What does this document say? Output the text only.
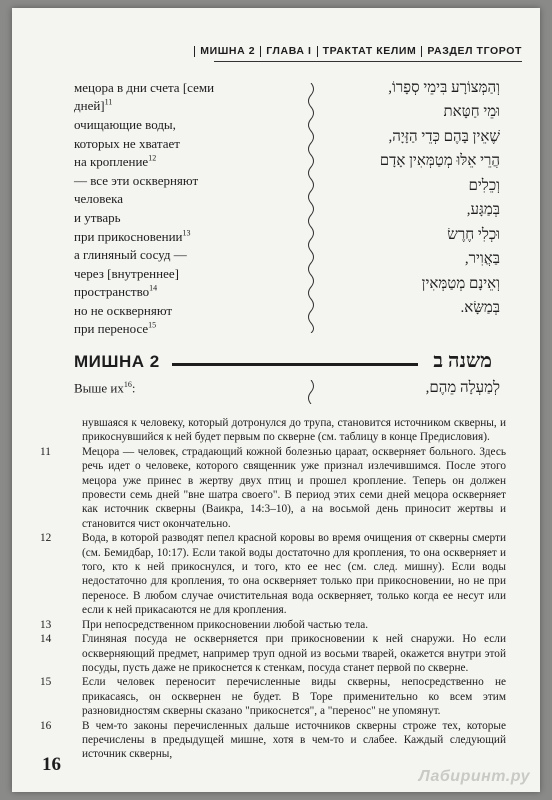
МИШНА 2 ГЛАВА I ТРАКТАТ КЕЛИМ РАЗДЕЛ ТГОРОТ
мецора в дни счета [семи
дней]$^{11}$
очищающие воды,
которых не хватает
на кропление$^{12}$
— все эти оскверняют
человека
и утварь
при прикосновении$^{13}$
а глиняный сосуд —
через [внутреннее]
пространство$^{14}$
но не оскверняют
при переносе$^{15}$
וְהַמְּצוֹרָע בִּימֵי סְפָרוֹ,
וּמֵי חַטָּאת
שֶׁאֵין בָּהֶם כְּדֵי הַזָּיָה,
הֲרֵי אֵלּוּ מְטַמְּאִין אָדָם
וְכֵלִים
בְּמַגָּע,
וּכְלִי חֶרֶשׂ
בַּאֲוִיר,
וְאֵינָם מְטַמְּאִין
בְּמַשָּׂא.
МИШНА 2	משנה ב
Выше их$^{16}$:	לְמַעְלָה מֵהֶם,

нувшаяся к человеку, который дотронулся до трупа, становится источником скверны, и прикоснувшийся к ней будет первым по скверне (см. таблицу в конце Предисловия).

11	Мецора — человек, страдающий кожной болезнью цараат, оскверняет больного. Здесь речь идет о человеке, которого священник уже признал излечившимся. После этого мецора уже принес в жертву двух птиц и прошел кропление. Теперь он должен провести семь дней "вне шатра своего". В период этих семи дней мецора оскверняет как источник скверны (Ваикра, 14:3–10), а на восьмой день приносит жертвы и становится чист окончательно.

12	Вода, в которой разводят пепел красной коровы во время очищения от скверны смерти (см. Бемидбар, 10:17). Если такой воды достаточно для кропления, то она оскверняет и того, кто к ней прикоснулся, и того, кто ее нес (см. след. мишну). Если воды недостаточно для кропления, то она оскверняет только при прикосновении, но не при переносе. В любом случае очистительная вода оскверняет, только когда ее несут или если к ней прикасаются не для кропления.

13	При непосредственном прикосновении любой частью тела.

14	Глиняная посуда не оскверняется при прикосновении к ней снаружи. Но если оскверняющий предмет, например труп одной из восьми тварей, окажется внутри этой посуды, пусть даже не прикоснется к стенкам, посуда станет первой по скверне.

15	Если человек переносит перечисленные виды скверны, непосредственно не прикасаясь, он осквернен не будет. В Торе применительно ко всем этим разновидностям скверны сказано "прикоснется", а "перенос" не упомянут.

16	В чем-то законы перечисленных дальше источников скверны строже тех, которые перечислены в предыдущей мишне, хотя в чем-то и слабее. Каждый следующий источник скверны,

16
Лабиринт.ру
